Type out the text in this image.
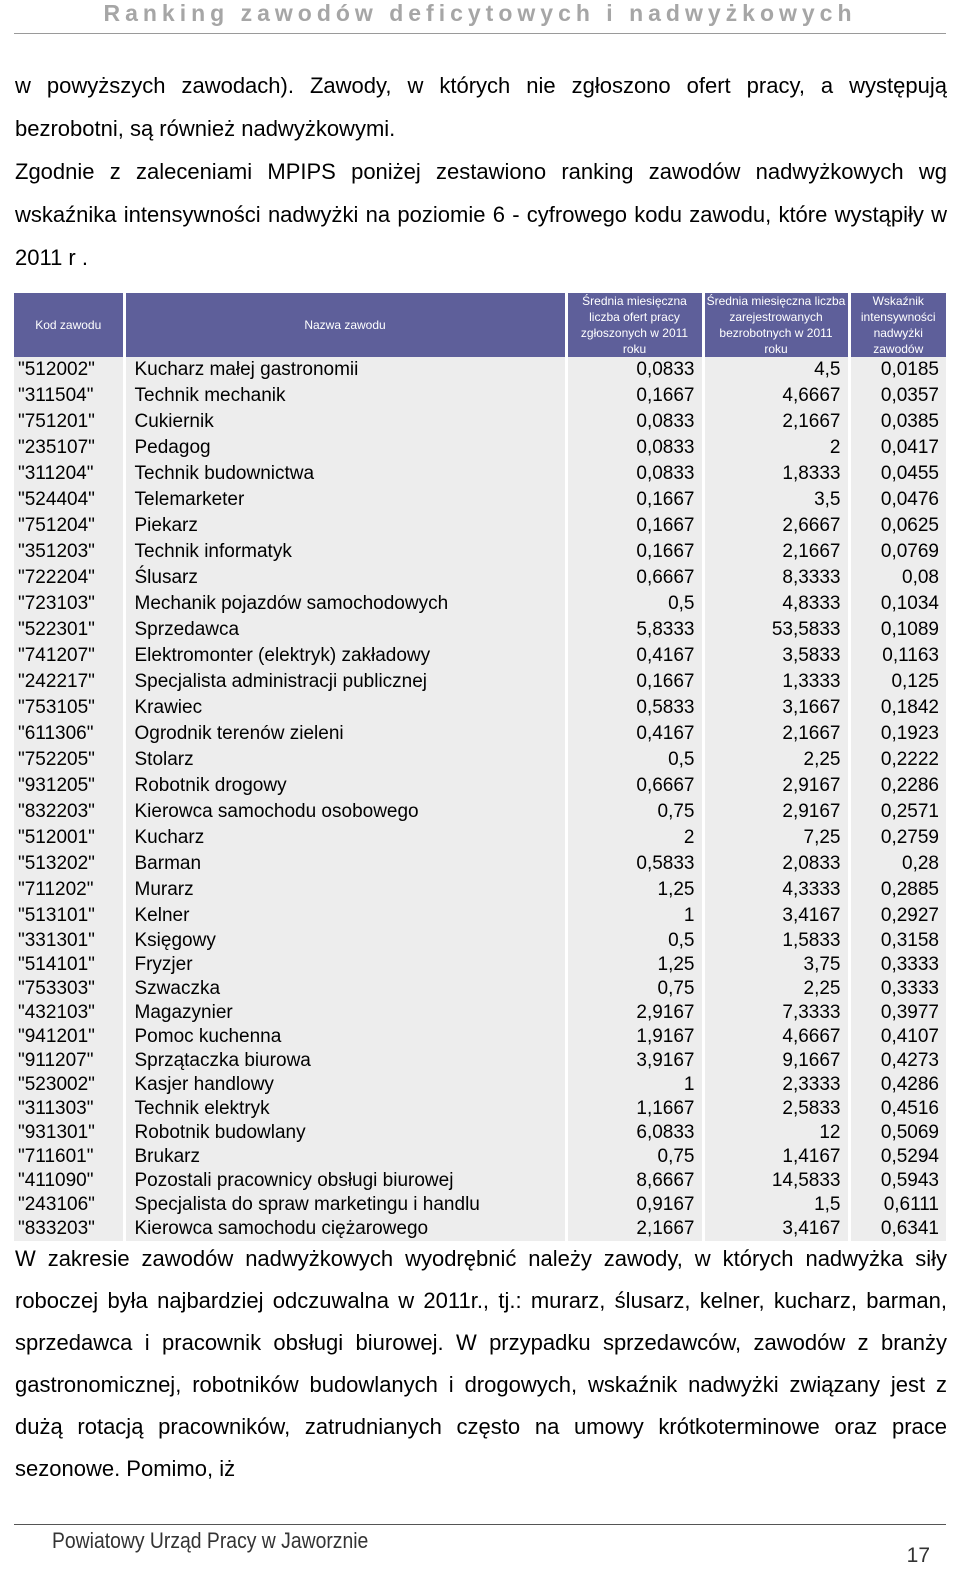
Ranking zawodów deficytowych i nadwyżkowych

w powyższych zawodach). Zawody, w których nie zgłoszono ofert pracy, a występują

bezrobotni, są również nadwyżkowymi.

Zgodnie z zaleceniami MPIPS poniżej zestawiono ranking zawodów nadwyżkowych wg wskaźnika intensywności nadwyżki na poziomie 6 - cyfrowego kodu zawodu, które wystąpiły w 2011 r .

Kod zawodu	Nazwa zawodu	Średnia miesięczna liczba ofert pracy zgłoszonych w 2011 roku	Średnia miesięczna liczba zarejestrowanych bezrobotnych w 2011 roku	Wskaźnik intensywności nadwyżki zawodów
"512002"	Kucharz małej gastronomii	0,0833	4,5	0,0185
"311504"	Technik mechanik	0,1667	4,6667	0,0357
"751201"	Cukiernik	0,0833	2,1667	0,0385
"235107"	Pedagog	0,0833	2	0,0417
"311204"	Technik budownictwa	0,0833	1,8333	0,0455
"524404"	Telemarketer	0,1667	3,5	0,0476
"751204"	Piekarz	0,1667	2,6667	0,0625
"351203"	Technik informatyk	0,1667	2,1667	0,0769
"722204"	Ślusarz	0,6667	8,3333	0,08
"723103"	Mechanik pojazdów samochodowych	0,5	4,8333	0,1034
"522301"	Sprzedawca	5,8333	53,5833	0,1089
"741207"	Elektromonter (elektryk) zakładowy	0,4167	3,5833	0,1163
"242217"	Specjalista administracji publicznej	0,1667	1,3333	0,125
"753105"	Krawiec	0,5833	3,1667	0,1842
"611306"	Ogrodnik terenów zieleni	0,4167	2,1667	0,1923
"752205"	Stolarz	0,5	2,25	0,2222
"931205"	Robotnik drogowy	0,6667	2,9167	0,2286
"832203"	Kierowca samochodu osobowego	0,75	2,9167	0,2571
"512001"	Kucharz	2	7,25	0,2759
"513202"	Barman	0,5833	2,0833	0,28
"711202"	Murarz	1,25	4,3333	0,2885
"513101"	Kelner	1	3,4167	0,2927
"331301"	Księgowy	0,5	1,5833	0,3158
"514101"	Fryzjer	1,25	3,75	0,3333
"753303"	Szwaczka	0,75	2,25	0,3333
"432103"	Magazynier	2,9167	7,3333	0,3977
"941201"	Pomoc kuchenna	1,9167	4,6667	0,4107
"911207"	Sprzątaczka biurowa	3,9167	9,1667	0,4273
"523002"	Kasjer handlowy	1	2,3333	0,4286
"311303"	Technik elektryk	1,1667	2,5833	0,4516
"931301"	Robotnik budowlany	6,0833	12	0,5069
"711601"	Brukarz	0,75	1,4167	0,5294
"411090"	Pozostali pracownicy obsługi biurowej	8,6667	14,5833	0,5943
"243106"	Specjalista do spraw marketingu i handlu	0,9167	1,5	0,6111
"833203"	Kierowca samochodu ciężarowego	2,1667	3,4167	0,6341

W zakresie zawodów nadwyżkowych wyodrębnić należy zawody, w których nadwyżka siły roboczej była najbardziej odczuwalna w 2011r., tj.: murarz, ślusarz, kelner, kucharz, barman, sprzedawca i pracownik obsługi biurowej. W przypadku sprzedawców, zawodów z branży gastronomicznej, robotników budowlanych i drogowych, wskaźnik nadwyżki związany jest z dużą rotacją pracowników, zatrudnianych często na umowy krótkoterminowe oraz prace sezonowe. Pomimo, iż

Powiatowy Urząd Pracy w Jaworznie
17
